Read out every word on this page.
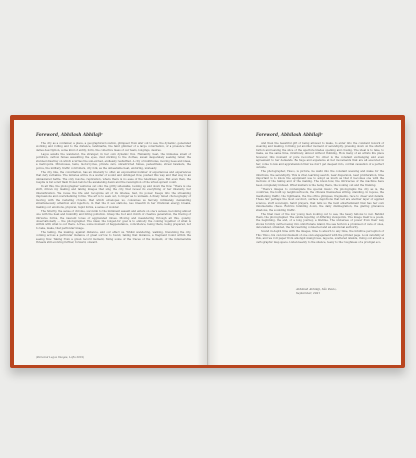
Foreword, Abhilash Abhilaji¹

The city as a container, a place, a geographical location, glimpsed from afar out to sea, the dynamic, generated working and rolling and to the distance, landmarks, the faint glimmer of a large conurbation, of a presence that defies description, some kind of entity, form, the collective mass of our fears, longings, desires.

Lagos awaits the wanderer, the stranger, in her own dynamic flux. Humanity, heat, the immense smell of pollution, carbon fumes assaulting the eyes, dust sticking to the clothes, sweat desperately seeking relief, the stunned disarray on which scurries the sun-etched, endlessly reshuffled. A city of multitudes, moving bees and ideas, a metropolis. Mini-buses, taxis, motorcycles, private cars, unrestricted fumes, pedestrians, street hawkers, the police, the military, traffic controllers, city folk, as the unbearable heat, enduring, unsteady.

The city, like, the conurbation, has an intensity to offer, an exponential number of experiences and experiences that defy verbalize. The minutes arrive in a welter of sound and unhinged flow, pushed this way and that way in an unmastered battle. The only resolve, replication, where there is no ease of the relentless pace. But even then, the respite is but a fair flash frozen before the awakening dawn and the resumption of the urban sprawl count.

In all this, the photographer ventures out onto the gritty sidewalks, looking up and down the flow. “There is one shift, driven my making and taking images that sing the city, that reveal its everything of her intensity, her intensification. We reuse the life and recognize all of its intense, fast, its power. Keeps into the streaming impressions and overwhelming forms. The art is to seek out, to linger as to unmask. A finely tuned choreography of moving with the restating crowds, that which envelopes us, consumes us fiercely, intimately, demanding simultaneously attention and rejection, in that the it sex stations, neo lineariti in her irrational energy breaks, making our emotions, physical, rapid forms, a sense of wonder.

The futurity, the sense of chrome, succumb to the imminent assault and enters on one’s senses, becoming almost one with the heat and humidity and biting pollution. Grasp the foot and clutch of creative generation, the fracing of intrusive forms, the nascent tones of aggravated mixes. Moving and meandering through all this, quietly, observationally — the photographer. The ideal, the longed-for goal is to embody the coming together of what is within with what is out there. A free, some moment of happenstance, coincidence, being there, being prepared, not to take, make, that particular image.

The taking, the making, against distance, and our effect us. Whilst wandering, walking, traversing the city, coming across a particular instance of great sorrow to found, taking that instance, a fragment found within the seeing flow. Taking from a given record moment, fixing some of the traces of the moment, of the innumerable threads still evolving further, forward, onward.

(Personal Lagos Images, Lofts 2019)
Foreword, Abhilash Abhilaji¹

And then the beautiful gift of being allowed to make, to enter into the constant rework of weaving and making, forming yet another moment of serendipity, pressing down on the shutter button and leaving the slice of the aperture blades opening and closing. The ideal is to take, to make, as the same time, intuitively, almost without thinking, How many of an artists life place however, this moment of pure recourse? No other is the constant exchanging and even agreement to her demands. Be huge and expansive at her movements that are all executed in her, come to law and apprehension that we don’t get deepest into, cordial causation of a perfect outside.

The photographer, Yksoo, is picture, he waltz into the constant weaving and make for the intuitions, the serendipity. This is vital, learning search, near dispersion, near proliferation, time important is to know the equipment use to adopt as much as that it becomes one with the motions of the taking and of the making. The know-how, the intricacies of the machine have been completely imbued. What matters is the being there, the looking out and the framing.

“There’s images to contemplate the special music. He photographs the city as is, the countries, the built up neighbourhoods, the citizens themselves sitting, standing, in repose, the maddening traffic, the rightleans, the the office glimpses, fragments, race to cheer and details. These fair perhaps the most succinct, surface depictions that tell are another layer of applied science, stuff sovereign, habit prayers, that tells us the held entertainment that has her own innumerable chaos. Rubrics tumbling down, the daily disintegration, the glaring grievance shadows, the sounding traffic.

The final view of the low young men looking out to sea, the heavy fellows to net. Behind them, the photographer. The subtle layering of differing viewpoints. The image itself is a poem, the beginning, the end, of a long journey, a lifetime. The universes of power from their way shows forcibly carried away into unfortunate island, the sea horizon a promised of care of ones, delocalized, stranded, the far-reaching connected and an emotional authority.

Sound in-depth time with the images, time to absorb to any time, the intuitive perception of Tiko Tikoo, his own involvement of one own engagement with the printed page. Look carefully at this, and we roll paper from amongst mangroves, lagoons, scattered islands, rising out almost a cartographic map space. Listen keenly to the silence, teeny to the roughness of a prodigal eco.

Abhilash Abhilaji, São Paulo,
September, 2021
